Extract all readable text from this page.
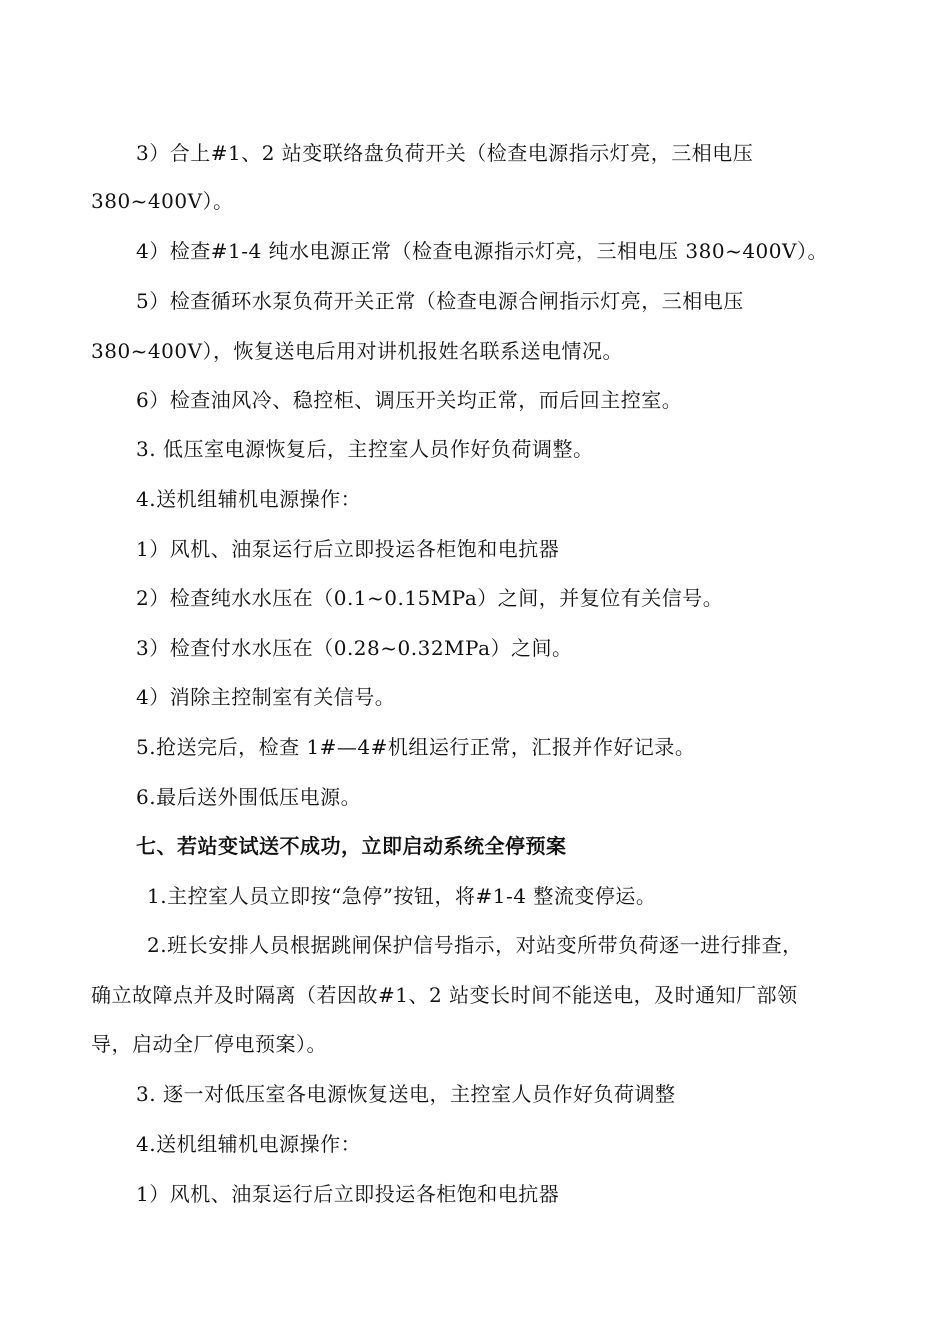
3）合上#1、2 站变联络盘负荷开关（检查电源指示灯亮，三相电压
380~400V）。
4）检查#1-4 纯水电源正常（检查电源指示灯亮，三相电压 380~400V）。
5）检查循环水泵负荷开关正常（检查电源合闸指示灯亮，三相电压
380~400V），恢复送电后用对讲机报姓名联系送电情况。
6）检查油风冷、稳控柜、调压开关均正常，而后回主控室。
3. 低压室电源恢复后，主控室人员作好负荷调整。
4.送机组辅机电源操作：
1）风机、油泵运行后立即投运各柜饱和电抗器
2）检查纯水水压在（0.1~0.15MPa）之间，并复位有关信号。
3）检查付水水压在（0.28~0.32MPa）之间。
4）消除主控制室有关信号。
5.抢送完后，检查 1#—4#机组运行正常，汇报并作好记录。
6.最后送外围低压电源。
七、若站变试送不成功，立即启动系统全停预案
1.主控室人员立即按“急停”按钮，将#1-4 整流变停运。
2.班长安排人员根据跳闸保护信号指示，对站变所带负荷逐一进行排查，
确立故障点并及时隔离（若因故#1、2 站变长时间不能送电，及时通知厂部领
导，启动全厂停电预案）。
3. 逐一对低压室各电源恢复送电，主控室人员作好负荷调整
4.送机组辅机电源操作：
1）风机、油泵运行后立即投运各柜饱和电抗器
